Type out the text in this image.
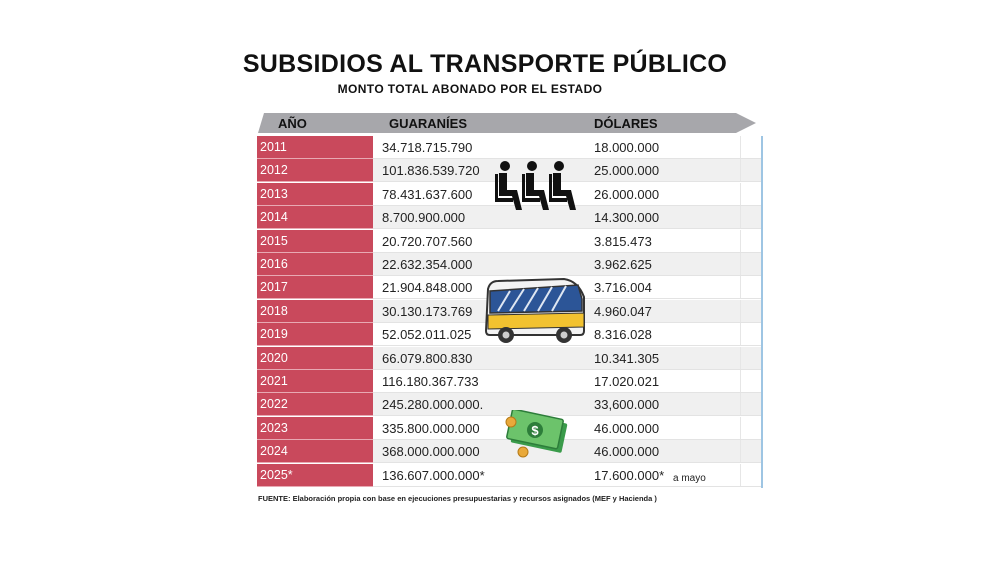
SUBSIDIOS AL TRANSPORTE PÚBLICO
MONTO TOTAL ABONADO POR EL ESTADO
AÑO	GUARANÍES	DÓLARES
2011	34.718.715.790	18.000.000
2012	101.836.539.720	25.000.000
2013	78.431.637.600	26.000.000
2014	8.700.900.000	14.300.000
2015	20.720.707.560	3.815.473
2016	22.632.354.000	3.962.625
2017	21.904.848.000	3.716.004
2018	30.130.173.769	4.960.047
2019	52.052.011.025	8.316.028
2020	66.079.800.830	10.341.305
2021	116.180.367.733	17.020.021
2022	245.280.000.000.	33,600.000
2023	335.800.000.000	46.000.000
2024	368.000.000.000	46.000.000
2025*	136.607.000.000*	17.600.000*
$
a mayo
FUENTE: Elaboración propia con base en ejecuciones presupuestarias y recursos asignados (MEF y Hacienda )
